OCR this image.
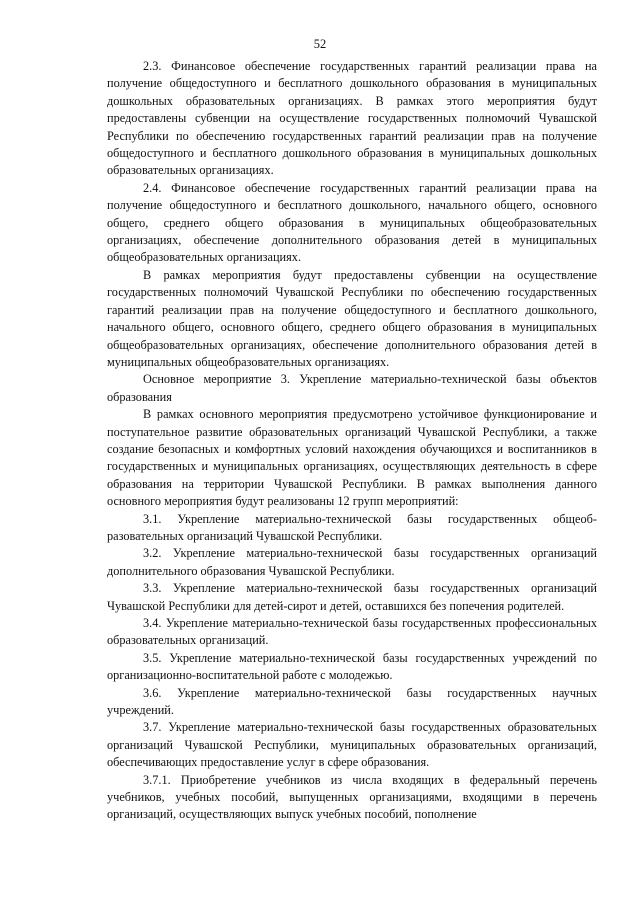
52

2.3. Финансовое обеспечение государственных гарантий реализации права на получение общедоступного и бесплатного дошкольного образования в муниципальных дошкольных образовательных организациях. В рамках этого мероприятия будут предоставлены субвенции на осуществление государственных полномочий Чувашской Республики по обеспечению государственных гарантий реализации прав на получение общедоступного и бесплатного дошкольного образования в муниципальных дошкольных образовательных организациях.

2.4. Финансовое обеспечение государственных гарантий реализации права на получение общедоступного и бесплатного дошкольного, начального общего, основного общего, среднего общего образования в муниципальных общеобразовательных организациях, обеспечение дополнительного образования детей в муниципальных общеобразовательных организациях.

В рамках мероприятия будут предоставлены субвенции на осуществление государственных полномочий Чувашской Республики по обеспечению государственных гарантий реализации прав на получение общедоступного и бесплатного дошкольного, начального общего, основного общего, среднего общего образования в муниципальных общеобразовательных организациях, обеспечение дополнительного образования детей в муниципальных общеобразовательных организациях.

Основное мероприятие 3. Укрепление материально-технической базы объектов образования

В рамках основного мероприятия предусмотрено устойчивое функционирование и поступательное развитие образовательных организаций Чувашской Республики, а также создание безопасных и комфортных условий нахождения обучающихся и воспитанников в государственных и муниципальных организациях, осуществляющих деятельность в сфере образования на территории Чувашской Республики. В рамках выполнения данного основного мероприятия будут реализованы 12 групп мероприятий:

3.1. Укрепление материально-технической базы государственных общеобразовательных организаций Чувашской Республики.

3.2. Укрепление материально-технической базы государственных организаций дополнительного образования Чувашской Республики.

3.3. Укрепление материально-технической базы государственных организаций Чувашской Республики для детей-сирот и детей, оставшихся без попечения родителей.

3.4. Укрепление материально-технической базы государственных профессиональных образовательных организаций.

3.5. Укрепление материально-технической базы государственных учреждений по организационно-воспитательной работе с молодежью.

3.6. Укрепление материально-технической базы государственных научных учреждений.

3.7. Укрепление материально-технической базы государственных образовательных организаций Чувашской Республики, муниципальных образовательных организаций, обеспечивающих предоставление услуг в сфере образования.

3.7.1. Приобретение учебников из числа входящих в федеральный перечень учебников, учебных пособий, выпущенных организациями, входящими в перечень организаций, осуществляющих выпуск учебных пособий, пополнение
